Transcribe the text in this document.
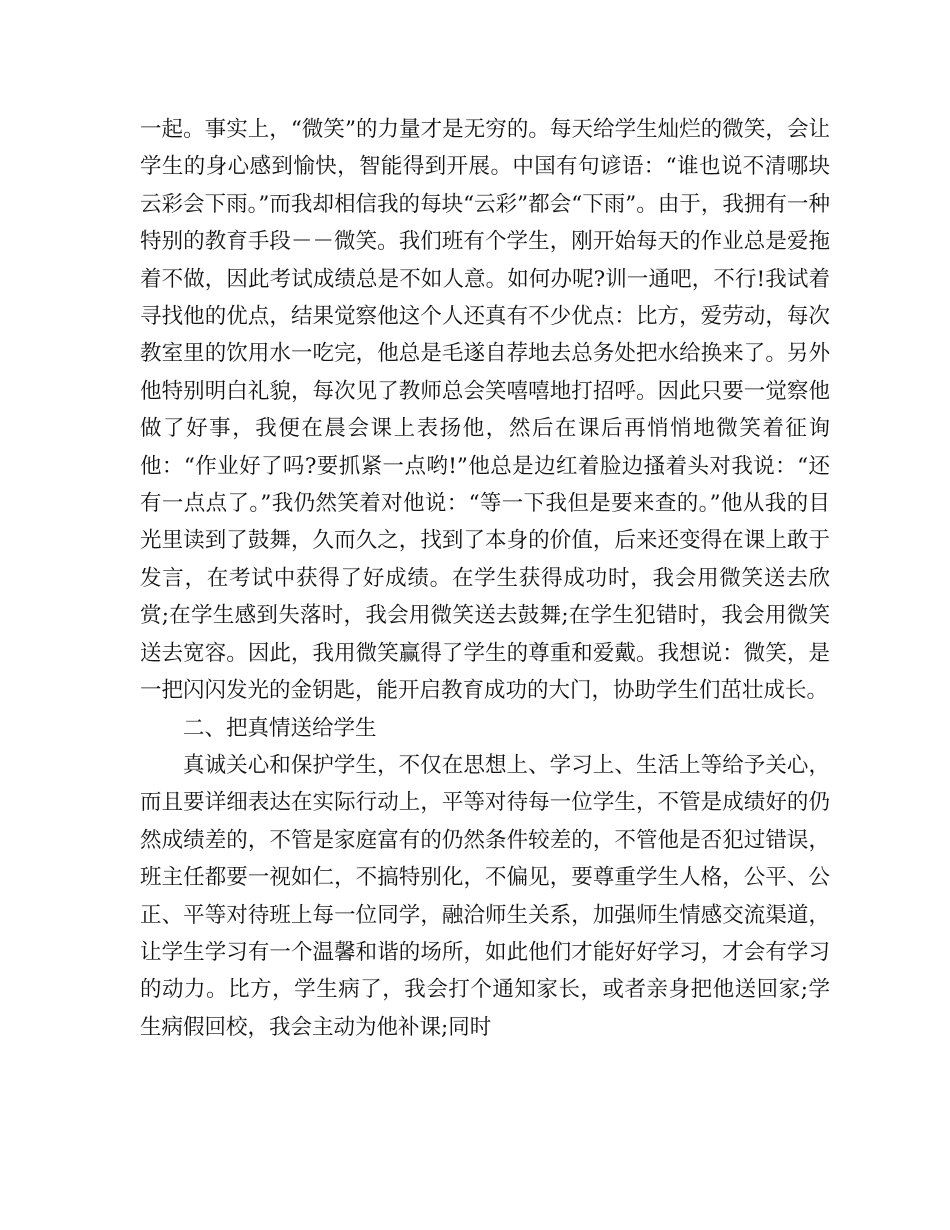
一起。事实上，“微笑”的力量才是无穷的。每天给学生灿烂的微笑，会让学生的身心感到愉快，智能得到开展。中国有句谚语：“谁也说不清哪块云彩会下雨。”而我却相信我的每块“云彩”都会“下雨”。由于，我拥有一种特别的教育手段－－微笑。我们班有个学生，刚开始每天的作业总是爱拖着不做，因此考试成绩总是不如人意。如何办呢?训一通吧，不行!我试着寻找他的优点，结果觉察他这个人还真有不少优点：比方，爱劳动，每次教室里的饮用水一吃完，他总是毛遂自荐地去总务处把水给换来了。另外他特别明白礼貌，每次见了教师总会笑嘻嘻地打招呼。因此只要一觉察他做了好事，我便在晨会课上表扬他，然后在课后再悄悄地微笑着征询他：“作业好了吗?要抓紧一点哟!”他总是边红着脸边搔着头对我说：“还有一点点了。”我仍然笑着对他说：“等一下我但是要来查的。”他从我的目光里读到了鼓舞，久而久之，找到了本身的价值，后来还变得在课上敢于发言，在考试中获得了好成绩。在学生获得成功时，我会用微笑送去欣赏;在学生感到失落时，我会用微笑送去鼓舞;在学生犯错时，我会用微笑送去宽容。因此，我用微笑赢得了学生的尊重和爱戴。我想说：微笑，是一把闪闪发光的金钥匙，能开启教育成功的大门，协助学生们茁壮成长。

二、把真情送给学生

真诚关心和保护学生，不仅在思想上、学习上、生活上等给予关心，而且要详细表达在实际行动上，平等对待每一位学生，不管是成绩好的仍然成绩差的，不管是家庭富有的仍然条件较差的，不管他是否犯过错误，班主任都要一视如仁，不搞特别化，不偏见，要尊重学生人格，公平、公正、平等对待班上每一位同学，融洽师生关系，加强师生情感交流渠道，让学生学习有一个温馨和谐的场所，如此他们才能好好学习，才会有学习的动力。比方，学生病了，我会打个通知家长，或者亲身把他送回家;学生病假回校，我会主动为他补课;同时
